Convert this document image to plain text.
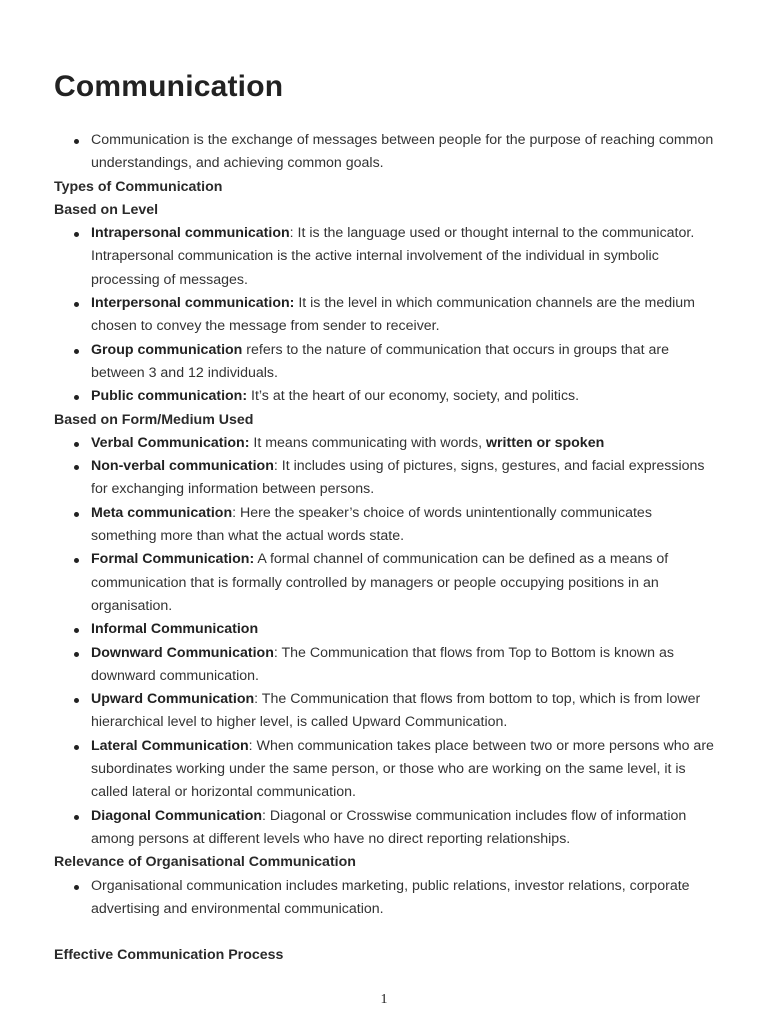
Communication
Communication is the exchange of messages between people for the purpose of reaching common understandings, and achieving common goals.

Types of Communication

Based on Level

Intrapersonal communication: It is the language used or thought internal to the communicator. Intrapersonal communication is the active internal involvement of the individual in symbolic processing of messages.
Interpersonal communication: It is the level in which communication channels are the medium chosen to convey the message from sender to receiver.
Group communication refers to the nature of communication that occurs in groups that are between 3 and 12 individuals.
Public communication: It’s at the heart of our economy, society, and politics.

Based on Form/Medium Used

Verbal Communication: It means communicating with words, written or spoken
Non-verbal communication: It includes using of pictures, signs, gestures, and facial expressions for exchanging information between persons.
Meta communication: Here the speaker’s choice of words unintentionally communicates something more than what the actual words state.
Formal Communication: A formal channel of communication can be defined as a means of communication that is formally controlled by managers or people occupying positions in an organisation.
Informal Communication
Downward Communication: The Communication that flows from Top to Bottom is known as downward communication.
Upward Communication: The Communication that flows from bottom to top, which is from lower hierarchical level to higher level, is called Upward Communication.
Lateral Communication: When communication takes place between two or more persons who are subordinates working under the same person, or those who are working on the same level, it is called lateral or horizontal communication.
Diagonal Communication: Diagonal or Crosswise communication includes flow of information among persons at different levels who have no direct reporting relationships.

Relevance of Organisational Communication

Organisational communication includes marketing, public relations, investor relations, corporate advertising and environmental communication.

Effective Communication Process

1
